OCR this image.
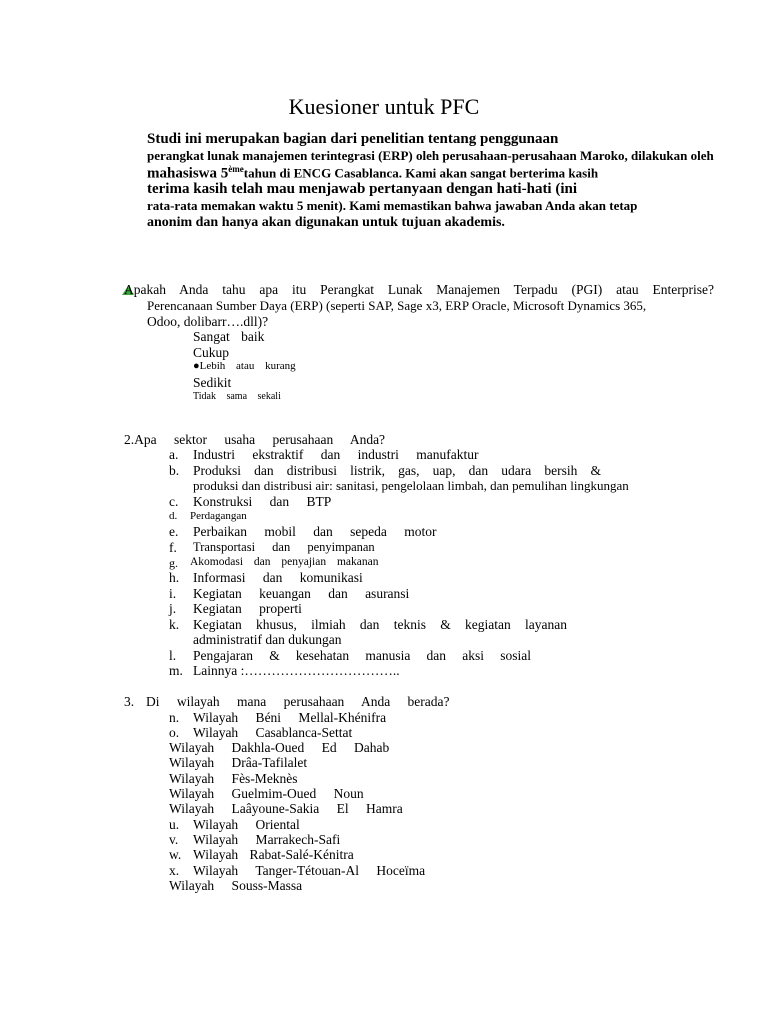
Kuesioner untuk PFC
Studi ini merupakan bagian dari penelitian tentang penggunaan
perangkat lunak manajemen terintegrasi (ERP) oleh perusahaan-perusahaan Maroko, dilakukan oleh
mahasiswa 5èmetahun di ENCG Casablanca. Kami akan sangat berterima kasih
terima kasih telah mau menjawab pertanyaan dengan hati-hati (ini
rata-rata memakan waktu 5 menit). Kami memastikan bahwa jawaban Anda akan tetap
anonim dan hanya akan digunakan untuk tujuan akademis.
Apakah Anda tahu apa itu Perangkat Lunak Manajemen Terpadu (PGI) atau Enterprise?
Perencanaan Sumber Daya (ERP) (seperti SAP, Sage x3, ERP Oracle, Microsoft Dynamics 365,
Odoo, dolibarr….dll)?
Sangat baik
Cukup
●Lebih atau kurang
Sedikit
Tidak sama sekali
2.Apa sektor usaha perusahaan Anda?
a. Industri ekstraktif dan industri manufaktur
b. Produksi dan distribusi listrik, gas, uap, dan udara bersih &
produksi dan distribusi air: sanitasi, pengelolaan limbah, dan pemulihan lingkungan
c. Konstruksi dan BTP
d. Perdagangan
e. Perbaikan mobil dan sepeda motor
f. Transportasi dan penyimpanan
g. Akomodasi dan penyajian makanan
h. Informasi dan komunikasi
i. Kegiatan keuangan dan asuransi
j. Kegiatan properti
k. Kegiatan khusus, ilmiah dan teknis & kegiatan layanan
administratif dan dukungan
l. Pengajaran & kesehatan manusia dan aksi sosial
m. Lainnya :……………………………..
3. Di wilayah mana perusahaan Anda berada?
n. Wilayah Béni Mellal-Khénifra
o. Wilayah Casablanca-Settat
Wilayah Dakhla-Oued Ed Dahab
Wilayah Drâa-Tafilalet
Wilayah Fès-Meknès
Wilayah Guelmim-Oued Noun
Wilayah Laâyoune-Sakia El Hamra
u. Wilayah Oriental
v. Wilayah Marrakech-Safi
w. Wilayah Rabat-Salé-Kénitra
x. Wilayah Tanger-Tétouan-Al Hoceïma
Wilayah Souss-Massa
